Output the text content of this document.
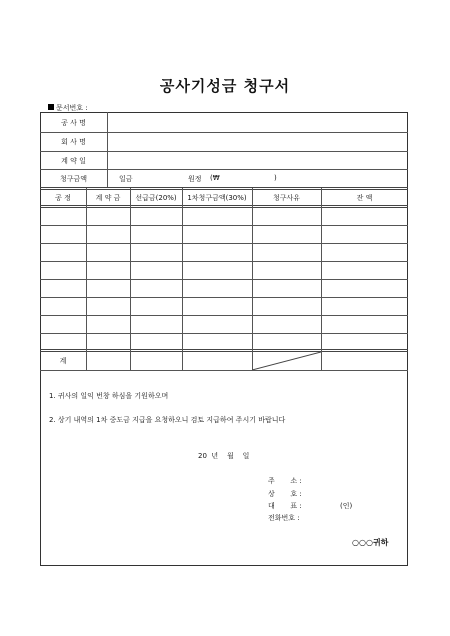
공사기성금 청구서
문서번호 :
공 사 명
회 사 명
계 약 일
청구금액	일금	원정 (₩	)
공 정	계 약 금	선급금(20%)	1차청구금액(30%)	청구사유	잔 액
계
1. 귀사의 일익 번창 하심을 기원하오며
2. 상기 내역의 1차 중도금 지급을 요청하오니 검토 지급하여 주시기 바랍니다
20  년    월    일
주       소 :
상       호 :
대       표 :	(인)
전화번호 :
○○○귀하
